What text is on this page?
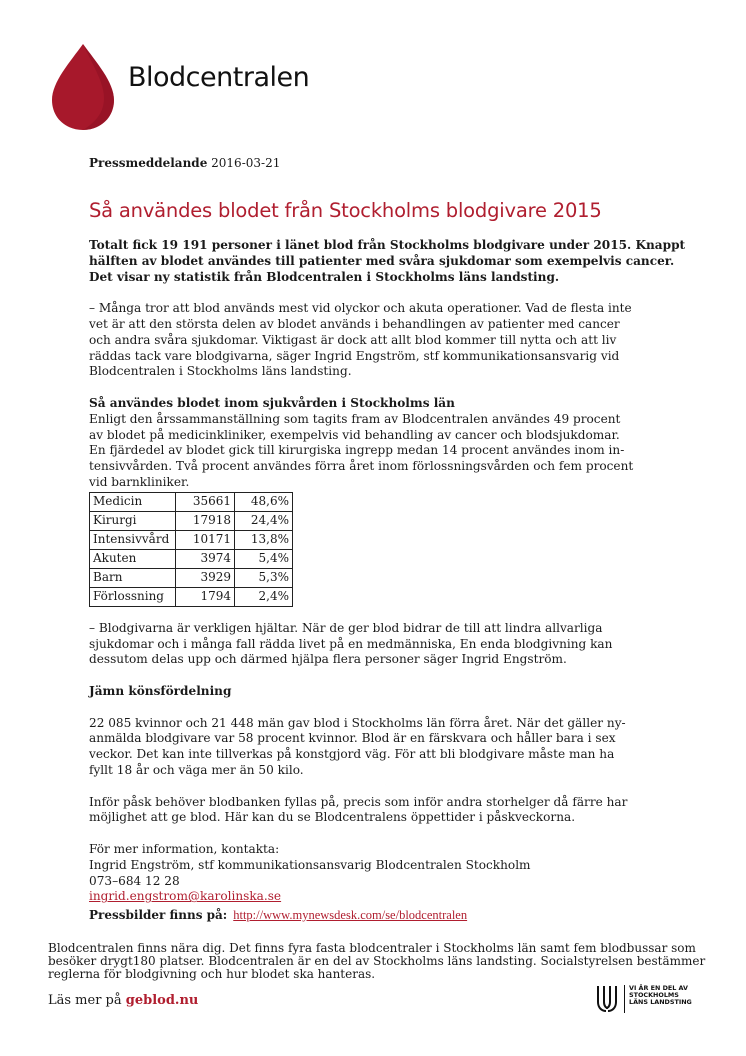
Blodcentralen
Pressmeddelande 2016-03-21
Så användes blodet från Stockholms blodgivare 2015

Totalt fick 19 191 personer i länet blod från Stockholms blodgivare under 2015. Knappt

hälften av blodet användes till patienter med svåra sjukdomar som exempelvis cancer.

Det visar ny statistik från Blodcentralen i Stockholms läns landsting.

– Många tror att blod används mest vid olyckor och akuta operationer. Vad de flesta inte

vet är att den största delen av blodet används i behandlingen av patienter med cancer

och andra svåra sjukdomar. Viktigast är dock att allt blod kommer till nytta och att liv

räddas tack vare blodgivarna, säger Ingrid Engström, stf kommunikationsansvarig vid

Blodcentralen i Stockholms läns landsting.

Så användes blodet inom sjukvården i Stockholms län

Enligt den årssammanställning som tagits fram av Blodcentralen användes 49 procent

av blodet på medicinkliniker, exempelvis vid behandling av cancer och blodsjukdomar.

En fjärdedel av blodet gick till kirurgiska ingrepp medan 14 procent användes inom in-

tensivvården. Två procent användes förra året inom förlossningsvården och fem procent

vid barnkliniker.

Medicin	35661	48,6%
Kirurgi	17918	24,4%
Intensivvård	10171	13,8%
Akuten	3974	5,4%
Barn	3929	5,3%
Förlossning	1794	2,4%

– Blodgivarna är verkligen hjältar. När de ger blod bidrar de till att lindra allvarliga

sjukdomar och i många fall rädda livet på en medmänniska, En enda blodgivning kan

dessutom delas upp och därmed hjälpa flera personer säger Ingrid Engström.

Jämn könsfördelning

22 085 kvinnor och 21 448 män gav blod i Stockholms län förra året. När det gäller ny-

anmälda blodgivare var 58 procent kvinnor. Blod är en färskvara och håller bara i sex

veckor. Det kan inte tillverkas på konstgjord väg. För att bli blodgivare måste man ha

fyllt 18 år och väga mer än 50 kilo.

Inför påsk behöver blodbanken fyllas på, precis som inför andra storhelger då färre har

möjlighet att ge blod. Här kan du se Blodcentralens öppettider i påskveckorna.

För mer information, kontakta:

Ingrid Engström, stf kommunikationsansvarig Blodcentralen Stockholm

073–684 12 28

ingrid.engstrom@karolinska.se

Pressbilder finns på: http://www.mynewsdesk.com/se/blodcentralen

Blodcentralen finns nära dig. Det finns fyra fasta blodcentraler i Stockholms län samt fem blodbussar som

besöker drygt180 platser. Blodcentralen är en del av Stockholms läns landsting. Socialstyrelsen bestämmer

reglerna för blodgivning och hur blodet ska hanteras.

Läs mer på geblod.nu
VI ÄR EN DEL AV
STOCKHOLMS
LÄNS LANDSTING
